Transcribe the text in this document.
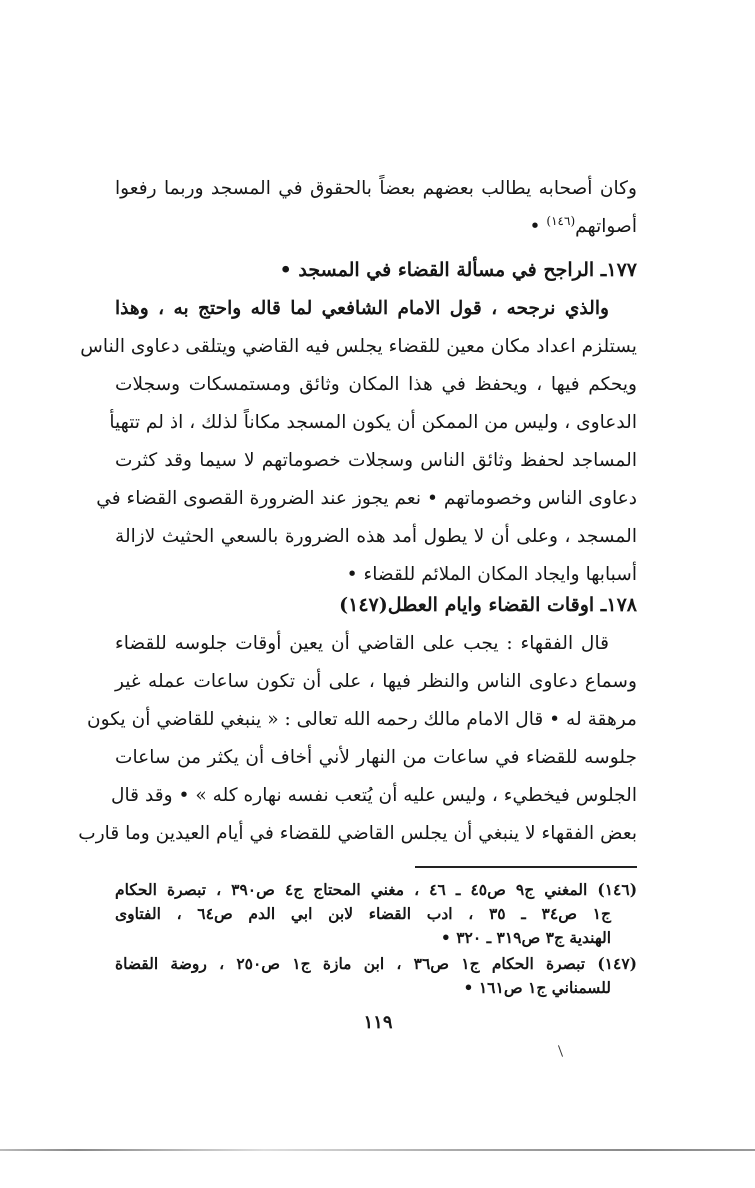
وكان أصحابه يطالب بعضهم بعضاً بالحقوق في المسجد وربما رفعوا
أصواتهم$^{(١٤٦)}$ •
١٧٧ـ الراجح في مسألة القضاء في المسجد •
والذي نرجحه ، قول الامام الشافعي لما قاله واحتج به ، وهذا
يستلزم اعداد مكان معين للقضاء يجلس فيه القاضي ويتلقى دعاوى الناس
ويحكم فيها ، ويحفظ في هذا المكان وثائق ومستمسكات وسجلات
الدعاوى ، وليس من الممكن أن يكون المسجد مكاناً لذلك ، اذ لم تتهيأ
المساجد لحفظ وثائق الناس وسجلات خصوماتهم لا سيما وقد كثرت
دعاوى الناس وخصوماتهم • نعم يجوز عند الضرورة القصوى القضاء في
المسجد ، وعلى أن لا يطول أمد هذه الضرورة بالسعي الحثيث لازالة
أسبابها وايجاد المكان الملائم للقضاء •
١٧٨ـ اوقات القضاء وايام العطل(١٤٧)
قال الفقهاء : يجب على القاضي أن يعين أوقات جلوسه للقضاء
وسماع دعاوى الناس والنظر فيها ، على أن تكون ساعات عمله غير
مرهقة له • قال الامام مالك رحمه الله تعالى : « ينبغي للقاضي أن يكون
جلوسه للقضاء في ساعات من النهار لأني أخاف أن يكثر من ساعات
الجلوس فيخطيء ، وليس عليه أن يُتعب نفسه نهاره كله » • وقد قال
بعض الفقهاء لا ينبغي أن يجلس القاضي للقضاء في أيام العيدين وما قارب
(١٤٦) المغني ج٩ ص٤٥ ـ ٤٦ ، مغني المحتاج ج٤ ص٣٩٠ ، تبصرة الحكام
ج١ ص٣٤ ـ ٣٥ ، ادب القضاء لابن ابي الدم ص٦٤ ، الفتاوى
الهندية ج٣ ص٣١٩ ـ ٣٢٠ •
(١٤٧) تبصرة الحكام ج١ ص٣٦ ، ابن مازة ج١ ص٢٥٠ ، روضة القضاة
للسمناني ج١ ص١٦١ •
١١٩
